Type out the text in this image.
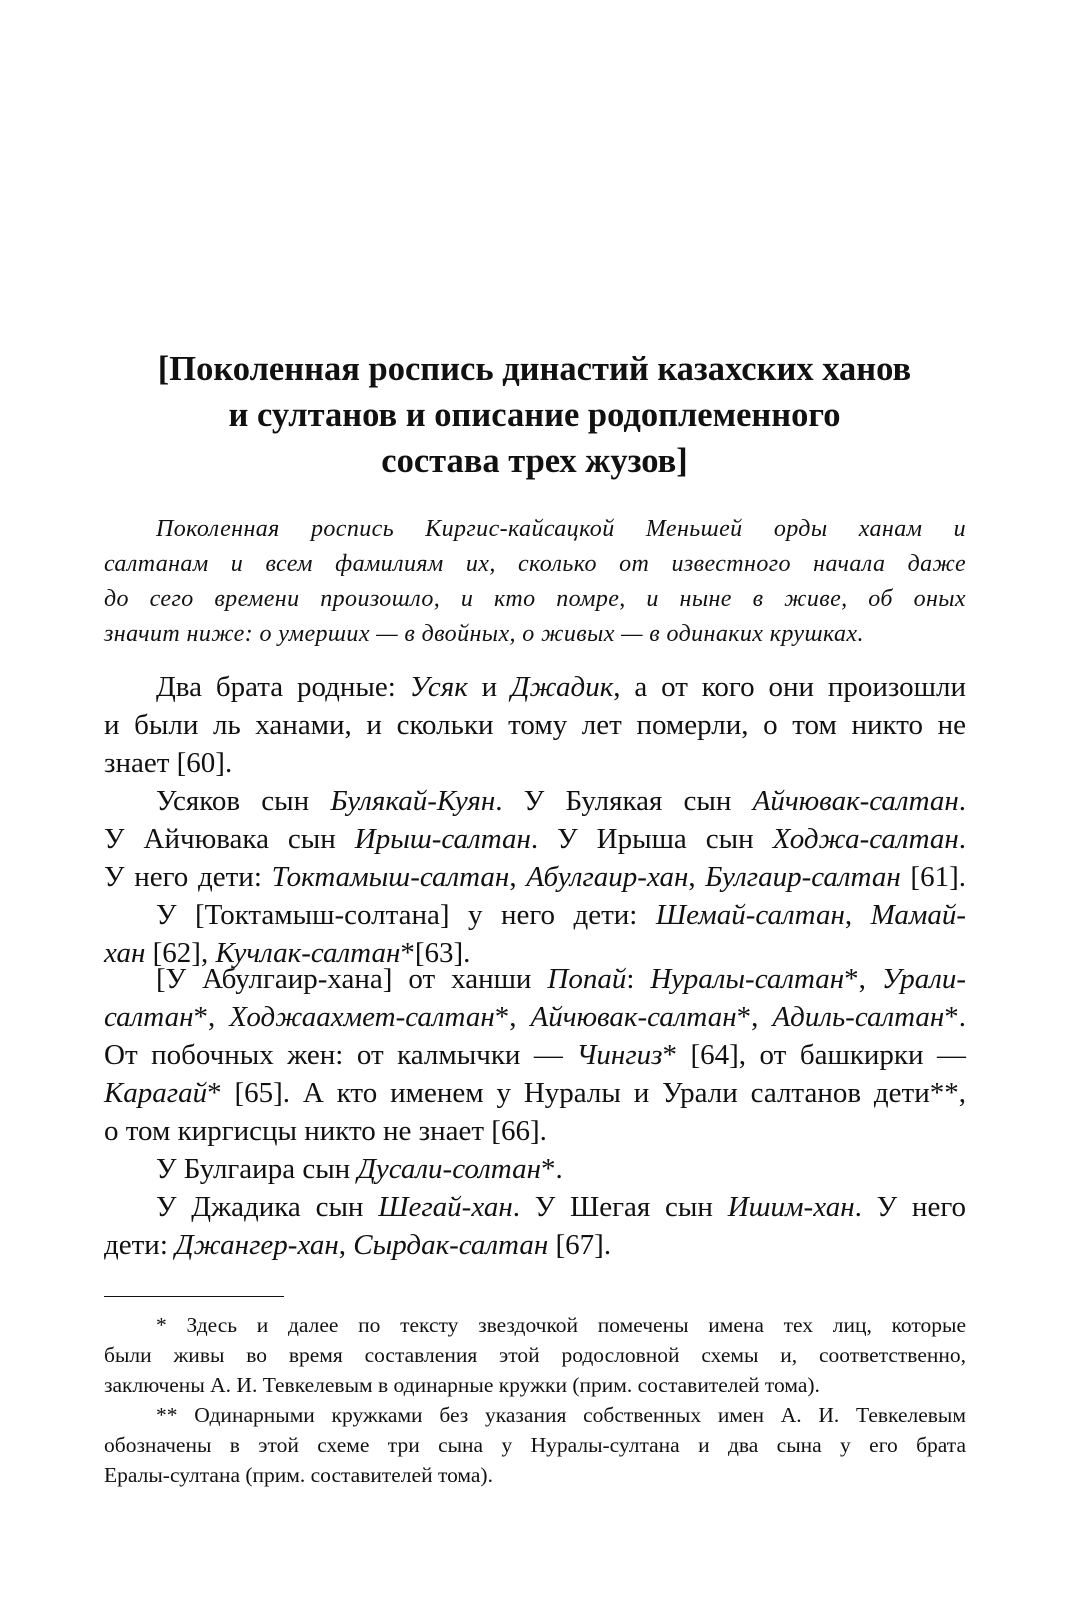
[Поколенная роспись династий казахских ханов
и султанов и описание родоплеменного
состава трех жузов]
Поколенная роспись Киргис-кайсацкой Меньшей орды ханам и
салтанам и всем фамилиям их, сколько от известного начала даже
до сего времени произошло, и кто помре, и ныне в живе, об оных
значит ниже: о умерших — в двойных, о живых — в одинаких крушках.
Два брата родные: Усяк и Джадик, а от кого они произошли
и были ль ханами, и скольки тому лет померли, о том никто не
знает [60].
Усяков сын Булякай-Куян. У Булякая сын Айчювак-салтан.
У Айчювака сын Ирыш-салтан. У Ирыша сын Ходжа-салтан.
У него дети: Токтамыш-салтан, Абулгаир-хан, Булгаир-салтан [61].
У [Токтамыш-солтана] у него дети: Шемай-салтан, Мамай-
хан [62], Кучлак-салтан*[63].
[У Абулгаир-хана] от ханши Попай: Нуралы-салтан*, Урали-
салтан*, Ходжаахмет-салтан*, Айчювак-салтан*, Адиль-салтан*.
От побочных жен: от калмычки — Чингиз* [64], от башкирки —
Карагай* [65]. А кто именем у Нуралы и Урали салтанов дети**,
о том киргисцы никто не знает [66].
У Булгаира сын Дусали-солтан*.
У Джадика сын Шегай-хан. У Шегая сын Ишим-хан. У него
дети: Джангер-хан, Сырдак-салтан [67].
* Здесь и далее по тексту звездочкой помечены имена тех лиц, которые
были живы во время составления этой родословной схемы и, соответственно,
заключены А. И. Тевкелевым в одинарные кружки (прим. составителей тома).
** Одинарными кружками без указания собственных имен А. И. Тевкелевым
обозначены в этой схеме три сына у Нуралы-султана и два сына у его брата
Ералы-султана (прим. составителей тома).
